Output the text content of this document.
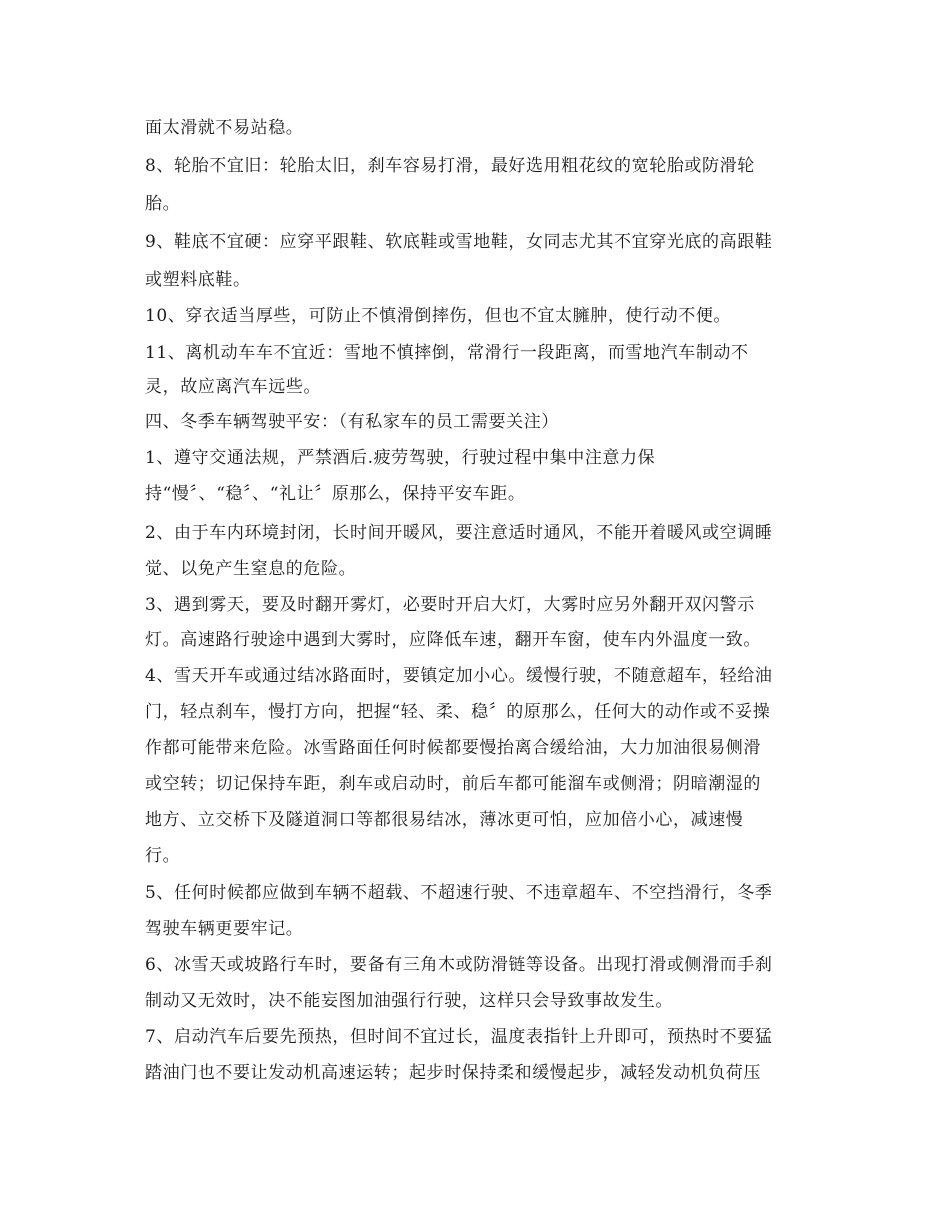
面太滑就不易站稳。
8、轮胎不宜旧：轮胎太旧，刹车容易打滑，最好选用粗花纹的宽轮胎或防滑轮
胎。
9、鞋底不宜硬：应穿平跟鞋、软底鞋或雪地鞋，女同志尤其不宜穿光底的高跟鞋
或塑料底鞋。
10、穿衣适当厚些，可防止不慎滑倒摔伤，但也不宜太臃肿，使行动不便。
11、离机动车车不宜近：雪地不慎摔倒，常滑行一段距离，而雪地汽车制动不
灵，故应离汽车远些。
四、冬季车辆驾驶平安：（有私家车的员工需要关注）
1、遵守交通法规，严禁酒后.疲劳驾驶，行驶过程中集中注意力保
持“慢〞、“稳〞、“礼让〞原那么，保持平安车距。
2、由于车内环境封闭，长时间开暖风，要注意适时通风，不能开着暖风或空调睡
觉、以免产生窒息的危险。
3、遇到雾天，要及时翻开雾灯，必要时开启大灯，大雾时应另外翻开双闪警示
灯。高速路行驶途中遇到大雾时，应降低车速，翻开车窗，使车内外温度一致。
4、雪天开车或通过结冰路面时，要镇定加小心。缓慢行驶，不随意超车，轻给油
门，轻点刹车，慢打方向，把握“轻、柔、稳〞的原那么，任何大的动作或不妥操
作都可能带来危险。冰雪路面任何时候都要慢抬离合缓给油，大力加油很易侧滑
或空转；切记保持车距，刹车或启动时，前后车都可能溜车或侧滑；阴暗潮湿的
地方、立交桥下及隧道洞口等都很易结冰，薄冰更可怕，应加倍小心，减速慢
行。
5、任何时候都应做到车辆不超载、不超速行驶、不违章超车、不空挡滑行，冬季
驾驶车辆更要牢记。
6、冰雪天或坡路行车时，要备有三角木或防滑链等设备。出现打滑或侧滑而手刹
制动又无效时，决不能妄图加油强行行驶，这样只会导致事故发生。
7、启动汽车后要先预热，但时间不宜过长，温度表指针上升即可，预热时不要猛
踏油门也不要让发动机高速运转；起步时保持柔和缓慢起步，减轻发动机负荷压
